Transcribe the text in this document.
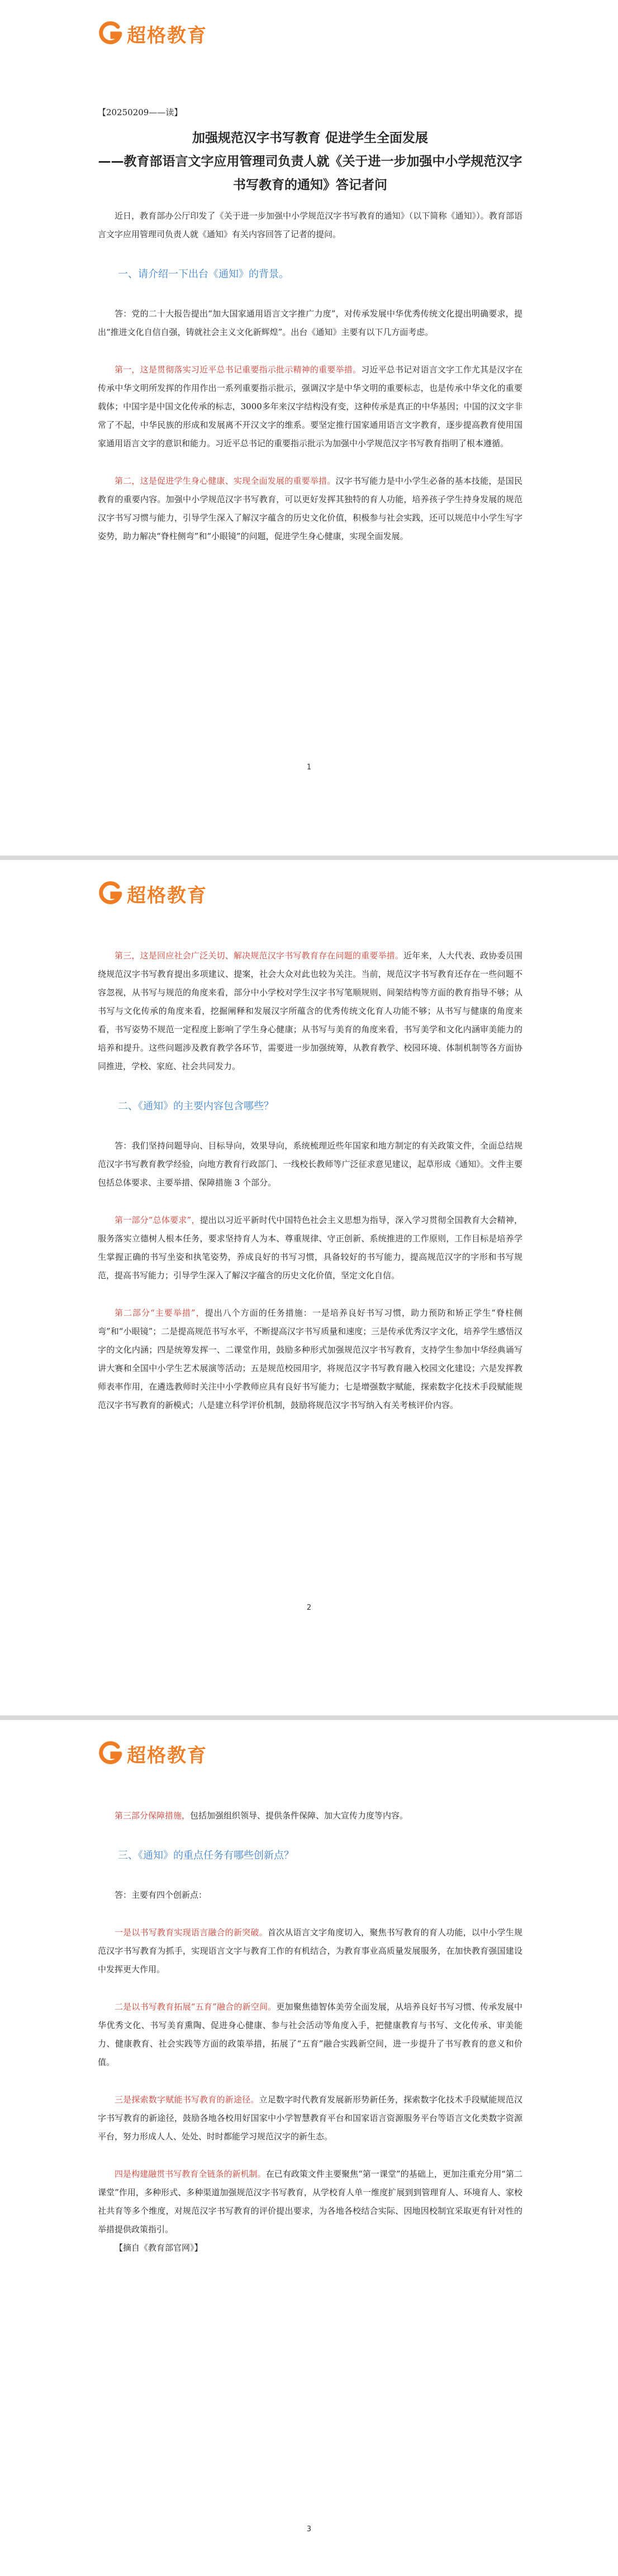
超格教育

【20250209——读】

加强规范汉字书写教育 促进学生全面发展
——教育部语言文字应用管理司负责人就《关于进一步加强中小学规范汉字书写教育的通知》答记者问

近日，教育部办公厅印发了《关于进一步加强中小学规范汉字书写教育的通知》（以下简称《通知》）。教育部语言文字应用管理司负责人就《通知》有关内容回答了记者的提问。

一、请介绍一下出台《通知》的背景。

答：党的二十大报告提出“加大国家通用语言文字推广力度”，对传承发展中华优秀传统文化提出明确要求，提出“推进文化自信自强，铸就社会主义文化新辉煌”。出台《通知》主要有以下几方面考虑。

第一，这是贯彻落实习近平总书记重要指示批示精神的重要举措。习近平总书记对语言文字工作尤其是汉字在传承中华文明所发挥的作用作出一系列重要指示批示，强调汉字是中华文明的重要标志，也是传承中华文化的重要载体；中国字是中国文化传承的标志，3000多年来汉字结构没有变，这种传承是真正的中华基因；中国的汉文字非常了不起，中华民族的形成和发展离不开汉文字的维系。要坚定推行国家通用语言文字教育，逐步提高教育使用国家通用语言文字的意识和能力。习近平总书记的重要指示批示为加强中小学规范汉字书写教育指明了根本遵循。

第二，这是促进学生身心健康、实现全面发展的重要举措。汉字书写能力是中小学生必备的基本技能，是国民教育的重要内容。加强中小学规范汉字书写教育，可以更好发挥其独特的育人功能，培养孩子学生持身发展的规范汉字书写习惯与能力，引导学生深入了解汉字蕴含的历史文化价值，积极参与社会实践，还可以规范中小学生写字姿势，助力解决“脊柱侧弯”和“小眼镜”的问题，促进学生身心健康，实现全面发展。

1
超格教育

第三，这是回应社会广泛关切、解决规范汉字书写教育存在问题的重要举措。近年来，人大代表、政协委员围绕规范汉字书写教育提出多项建议、提案，社会大众对此也较为关注。当前，规范汉字书写教育还存在一些问题不容忽视，从书写与规范的角度来看，部分中小学校对学生汉字书写笔顺规则、间架结构等方面的教育指导不够；从书写与文化传承的角度来看，挖掘阐释和发展汉字所蕴含的优秀传统文化育人功能不够；从书写与健康的角度来看，书写姿势不规范一定程度上影响了学生身心健康；从书写与美育的角度来看，书写美学和文化内涵审美能力的培养和提升。这些问题涉及教育教学各环节，需要进一步加强统筹，从教育教学、校园环境、体制机制等各方面协同推进，学校、家庭、社会共同发力。

二、《通知》的主要内容包含哪些？

答：我们坚持问题导向、目标导向，效果导向，系统梳理近些年国家和地方制定的有关政策文件，全面总结规范汉字书写教育教学经验，向地方教育行政部门、一线校长教师等广泛征求意见建议，起草形成《通知》。文件主要包括总体要求、主要举措、保障措施 3 个部分。

第一部分“总体要求”，提出以习近平新时代中国特色社会主义思想为指导，深入学习贯彻全国教育大会精神，服务落实立德树人根本任务，要求坚持育人为本、尊重规律、守正创新、系统推进的工作原则，工作目标是培养学生掌握正确的书写坐姿和执笔姿势，养成良好的书写习惯，具备较好的书写能力，提高规范汉字的字形和书写规范，提高书写能力；引导学生深入了解汉字蕴含的历史文化价值，坚定文化自信。

第二部分“主要举措”，提出八个方面的任务措施：一是培养良好书写习惯，助力预防和矫正学生“脊柱侧弯”和“小眼镜”；二是提高规范书写水平，不断提高汉字书写质量和速度；三是传承优秀汉字文化，培养学生感悟汉字的文化内涵；四是统筹发挥一、二课堂作用，鼓励多种形式加强规范汉字书写教育，支持学生参加中华经典诵写讲大赛和全国中小学生艺术展演等活动；五是规范校园用字，将规范汉字书写教育融入校园文化建设；六是发挥教师表率作用，在遴选教师时关注中小学教师应具有良好书写能力；七是增强数字赋能，探索数字化技术手段赋能规范汉字书写教育的新模式；八是建立科学评价机制，鼓励将规范汉字书写纳入有关考核评价内容。

2
超格教育

第三部分保障措施，包括加强组织领导、提供条件保障、加大宣传力度等内容。

三、《通知》的重点任务有哪些创新点？

答：主要有四个创新点：

一是以书写教育实现语言融合的新突破。首次从语言文字角度切入，聚焦书写教育的育人功能，以中小学生规范汉字书写教育为抓手，实现语言文字与教育工作的有机结合，为教育事业高质量发展服务，在加快教育强国建设中发挥更大作用。

二是以书写教育拓展“五育”融合的新空间。更加聚焦德智体美劳全面发展，从培养良好书写习惯、传承发展中华优秀文化、书写美育熏陶、促进身心健康、参与社会活动等角度入手，把健康教育与书写、文化传承、审美能力、健康教育、社会实践等方面的政策举措，拓展了“五育”融合实践新空间，进一步提升了书写教育的意义和价值。

三是探索数字赋能书写教育的新途径。立足数字时代教育发展新形势新任务，探索数字化技术手段赋能规范汉字书写教育的新途径，鼓励各地各校用好国家中小学智慧教育平台和国家语言资源服务平台等语言文化类数字资源平台，努力形成人人、处处、时时都能学习规范汉字的新生态。

四是构建融贯书写教育全链条的新机制。在已有政策文件主要聚焦“第一课堂”的基础上，更加注重充分用“第二课堂”作用，多种形式、多种渠道加强规范汉字书写教育，从学校育人单一维度扩展到到管理育人、环境育人、家校社共育等多个维度，对规范汉字书写教育的评价提出要求，为各地各校结合实际、因地因校制宜采取更有针对性的举措提供政策指引。

【摘自《教育部官网》】

3
